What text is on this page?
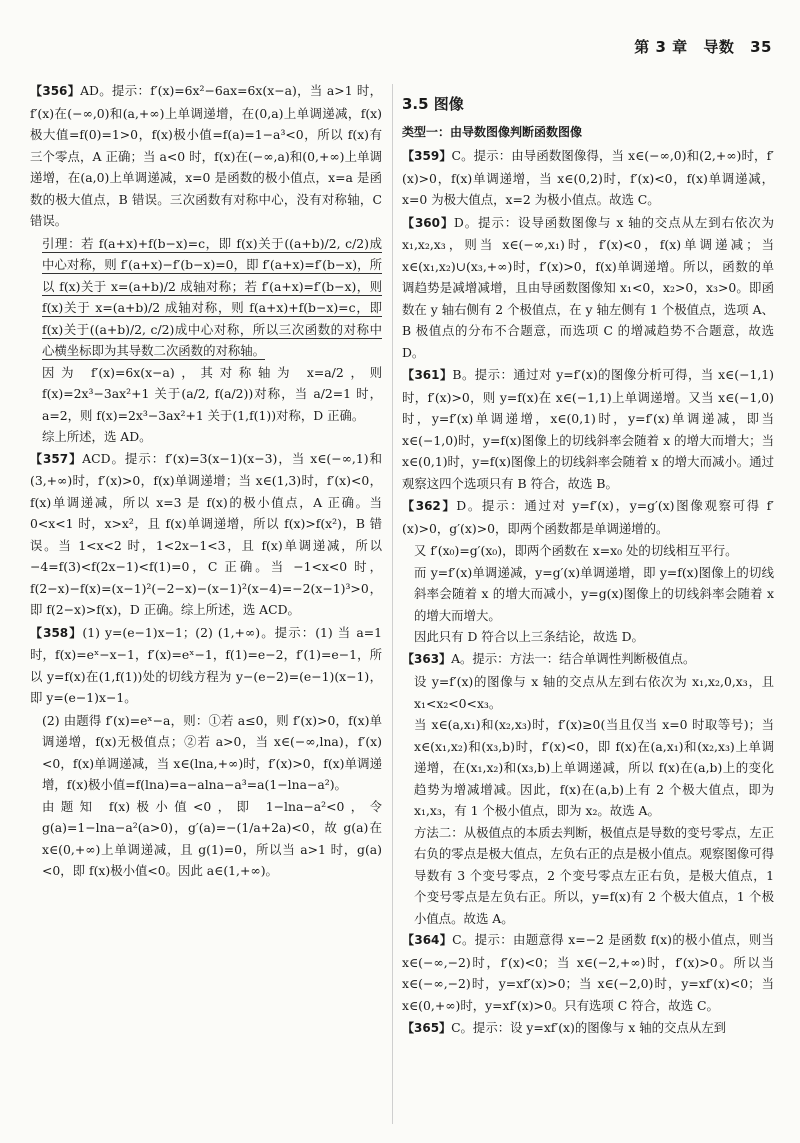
第 3 章 导数 35
【356】AD。提示：f′(x)=6x²−6ax=6x(x−a)，当 a>1 时，f′(x)在(−∞,0)和(a,+∞)上单调递增，在(0,a)上单调递减，f(x)极大值=f(0)=1>0，f(x)极小值=f(a)=1−a³<0，所以 f(x)有三个零点，A 正确；当 a<0 时，f(x)在(−∞,a)和(0,+∞)上单调递增，在(a,0)上单调递减，x=0 是函数的极小值点，x=a 是函数的极大值点，B 错误。三次函数有对称中心，没有对称轴，C 错误。

引理：若 f(a+x)+f(b−x)=c，即 f(x)关于((a+b)/2, c/2)成中心对称，则 f′(a+x)−f′(b−x)=0，即 f′(a+x)=f′(b−x)，所以 f(x)关于 x=(a+b)/2 成轴对称；若 f′(a+x)=f′(b−x)，则 f(x)关于 x=(a+b)/2 成轴对称，则 f(a+x)+f(b−x)=c，即 f(x)关于((a+b)/2, c/2)成中心对称，所以三次函数的对称中心横坐标即为其导数二次函数的对称轴。

因为 f′(x)=6x(x−a)，其对称轴为 x=a/2，则 f(x)=2x³−3ax²+1 关于(a/2, f(a/2))对称，当 a/2=1 时，a=2，则 f(x)=2x³−3ax²+1 关于(1,f(1))对称，D 正确。

综上所述，选 AD。

【357】ACD。提示：f′(x)=3(x−1)(x−3)，当 x∈(−∞,1)和(3,+∞)时，f′(x)>0，f(x)单调递增；当 x∈(1,3)时，f′(x)<0，f(x)单调递减，所以 x=3 是 f(x)的极小值点，A 正确。当 0<x<1 时，x>x²，且 f(x)单调递增，所以 f(x)>f(x²)，B 错误。当 1<x<2 时，1<2x−1<3，且 f(x)单调递减，所以 −4=f(3)<f(2x−1)<f(1)=0，C 正确。当 −1<x<0 时，f(2−x)−f(x)=(x−1)²(−2−x)−(x−1)²(x−4)=−2(x−1)³>0，即 f(2−x)>f(x)，D 正确。综上所述，选 ACD。
【358】(1) y=(e−1)x−1；(2) (1,+∞)。提示：(1) 当 a=1 时，f(x)=eˣ−x−1，f′(x)=eˣ−1，f(1)=e−2，f′(1)=e−1，所以 y=f(x)在(1,f(1))处的切线方程为 y−(e−2)=(e−1)(x−1)，即 y=(e−1)x−1。

(2) 由题得 f′(x)=eˣ−a，则：①若 a≤0，则 f′(x)>0，f(x)单调递增，f(x)无极值点；②若 a>0，当 x∈(−∞,lna)，f′(x)<0，f(x)单调递减，当 x∈(lna,+∞)时，f′(x)>0，f(x)单调递增，f(x)极小值=f(lna)=a−alna−a³=a(1−lna−a²)。

由题知 f(x)极小值<0，即 1−lna−a²<0，令 g(a)=1−lna−a²(a>0)，g′(a)=−(1/a+2a)<0，故 g(a)在 x∈(0,+∞)上单调递减，且 g(1)=0，所以当 a>1 时，g(a)<0，即 f(x)极小值<0。因此 a∈(1,+∞)。

3.5 图像
类型一：由导数图像判断函数图像
【359】C。提示：由导函数图像得，当 x∈(−∞,0)和(2,+∞)时，f′(x)>0，f(x)单调递增，当 x∈(0,2)时，f′(x)<0，f(x)单调递减，x=0 为极大值点，x=2 为极小值点。故选 C。
【360】D。提示：设导函数图像与 x 轴的交点从左到右依次为 x₁,x₂,x₃，则当 x∈(−∞,x₁)时，f′(x)<0，f(x)单调递减；当 x∈(x₁,x₂)∪(x₃,+∞)时，f′(x)>0，f(x)单调递增。所以，函数的单调趋势是减增减增，且由导函数图像知 x₁<0，x₂>0，x₃>0。即函数在 y 轴右侧有 2 个极值点，在 y 轴左侧有 1 个极值点，选项 A、B 极值点的分布不合题意，而选项 C 的增减趋势不合题意，故选 D。
【361】B。提示：通过对 y=f′(x)的图像分析可得，当 x∈(−1,1)时，f′(x)>0，则 y=f(x)在 x∈(−1,1)上单调递增。又当 x∈(−1,0)时，y=f′(x)单调递增，x∈(0,1)时，y=f′(x)单调递减，即当 x∈(−1,0)时，y=f(x)图像上的切线斜率会随着 x 的增大而增大；当 x∈(0,1)时，y=f(x)图像上的切线斜率会随着 x 的增大而减小。通过观察这四个选项只有 B 符合，故选 B。
【362】D。提示：通过对 y=f′(x)，y=g′(x)图像观察可得 f′(x)>0，g′(x)>0，即两个函数都是单调递增的。

又 f′(x₀)=g′(x₀)，即两个函数在 x=x₀ 处的切线相互平行。

而 y=f′(x)单调递减，y=g′(x)单调递增，即 y=f(x)图像上的切线斜率会随着 x 的增大而减小，y=g(x)图像上的切线斜率会随着 x 的增大而增大。

因此只有 D 符合以上三条结论，故选 D。

【363】A。提示：方法一：结合单调性判断极值点。

设 y=f′(x)的图像与 x 轴的交点从左到右依次为 x₁,x₂,0,x₃，且 x₁<x₂<0<x₃。

当 x∈(a,x₁)和(x₂,x₃)时，f′(x)≥0(当且仅当 x=0 时取等号)；当 x∈(x₁,x₂)和(x₃,b)时，f′(x)<0，即 f(x)在(a,x₁)和(x₂,x₃)上单调递增，在(x₁,x₂)和(x₃,b)上单调递减，所以 f(x)在(a,b)上的变化趋势为增减增减。因此，f(x)在(a,b)上有 2 个极大值点，即为 x₁,x₃，有 1 个极小值点，即为 x₂。故选 A。

方法二：从极值点的本质去判断，极值点是导数的变号零点，左正右负的零点是极大值点，左负右正的点是极小值点。观察图像可得导数有 3 个变号零点，2 个变号零点左正右负，是极大值点，1 个变号零点是左负右正。所以，y=f(x)有 2 个极大值点，1 个极小值点。故选 A。

【364】C。提示：由题意得 x=−2 是函数 f(x)的极小值点，则当 x∈(−∞,−2)时，f′(x)<0；当 x∈(−2,+∞)时，f′(x)>0。所以当 x∈(−∞,−2)时，y=xf′(x)>0；当 x∈(−2,0)时，y=xf′(x)<0；当 x∈(0,+∞)时，y=xf′(x)>0。只有选项 C 符合，故选 C。
【365】C。提示：设 y=xf′(x)的图像与 x 轴的交点从左到
